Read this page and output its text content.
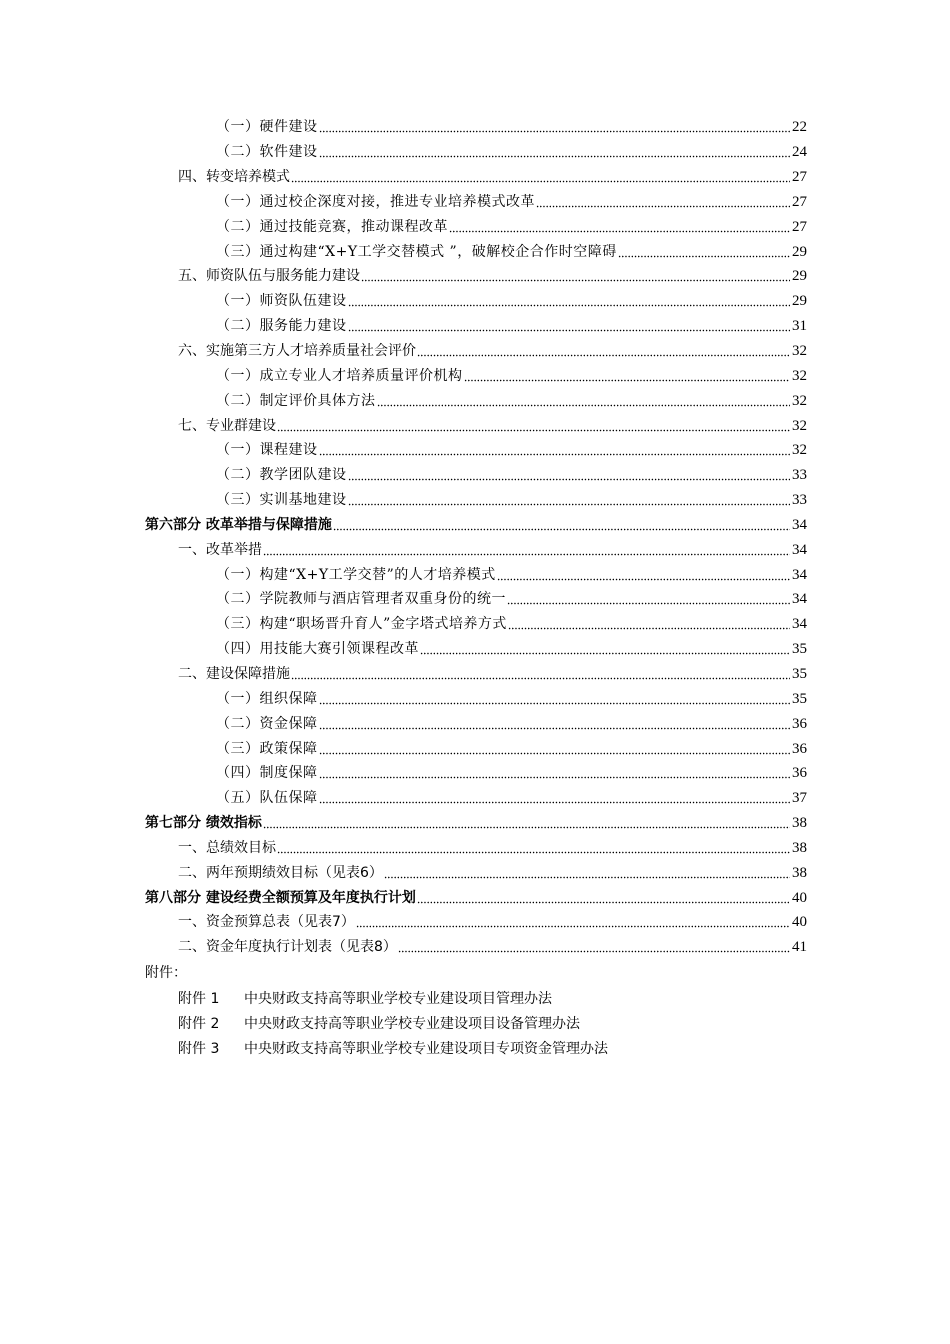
（一）硬件建设	22
（二）软件建设	24
四、转变培养模式	27
（一）通过校企深度对接，推进专业培养模式改革	27
（二）通过技能竞赛，推动课程改革	27
（三）通过构建“X+Y工学交替模式 ”，破解校企合作时空障碍	29
五、师资队伍与服务能力建设	29
（一）师资队伍建设	29
（二）服务能力建设	31
六、实施第三方人才培养质量社会评价	32
（一）成立专业人才培养质量评价机构	32
（二）制定评价具体方法	32
七、专业群建设	32
（一）课程建设	32
（二）教学团队建设	33
（三）实训基地建设	33
第六部分 改革举措与保障措施	34
一、改革举措	34
（一）构建“X+Y工学交替”的人才培养模式	34
（二）学院教师与酒店管理者双重身份的统一	34
（三）构建“职场晋升育人”金字塔式培养方式	34
（四）用技能大赛引领课程改革	35
二、建设保障措施	35
（一）组织保障	35
（二）资金保障	36
（三）政策保障	36
（四）制度保障	36
（五）队伍保障	37
第七部分 绩效指标	38
一、总绩效目标	38
二、两年预期绩效目标（见表6）	38
第八部分 建设经费全额预算及年度执行计划	40
一、资金预算总表（见表7）	40
二、资金年度执行计划表（见表8）	41
附件：
附件 1 中央财政支持高等职业学校专业建设项目管理办法
附件 2 中央财政支持高等职业学校专业建设项目设备管理办法
附件 3 中央财政支持高等职业学校专业建设项目专项资金管理办法
